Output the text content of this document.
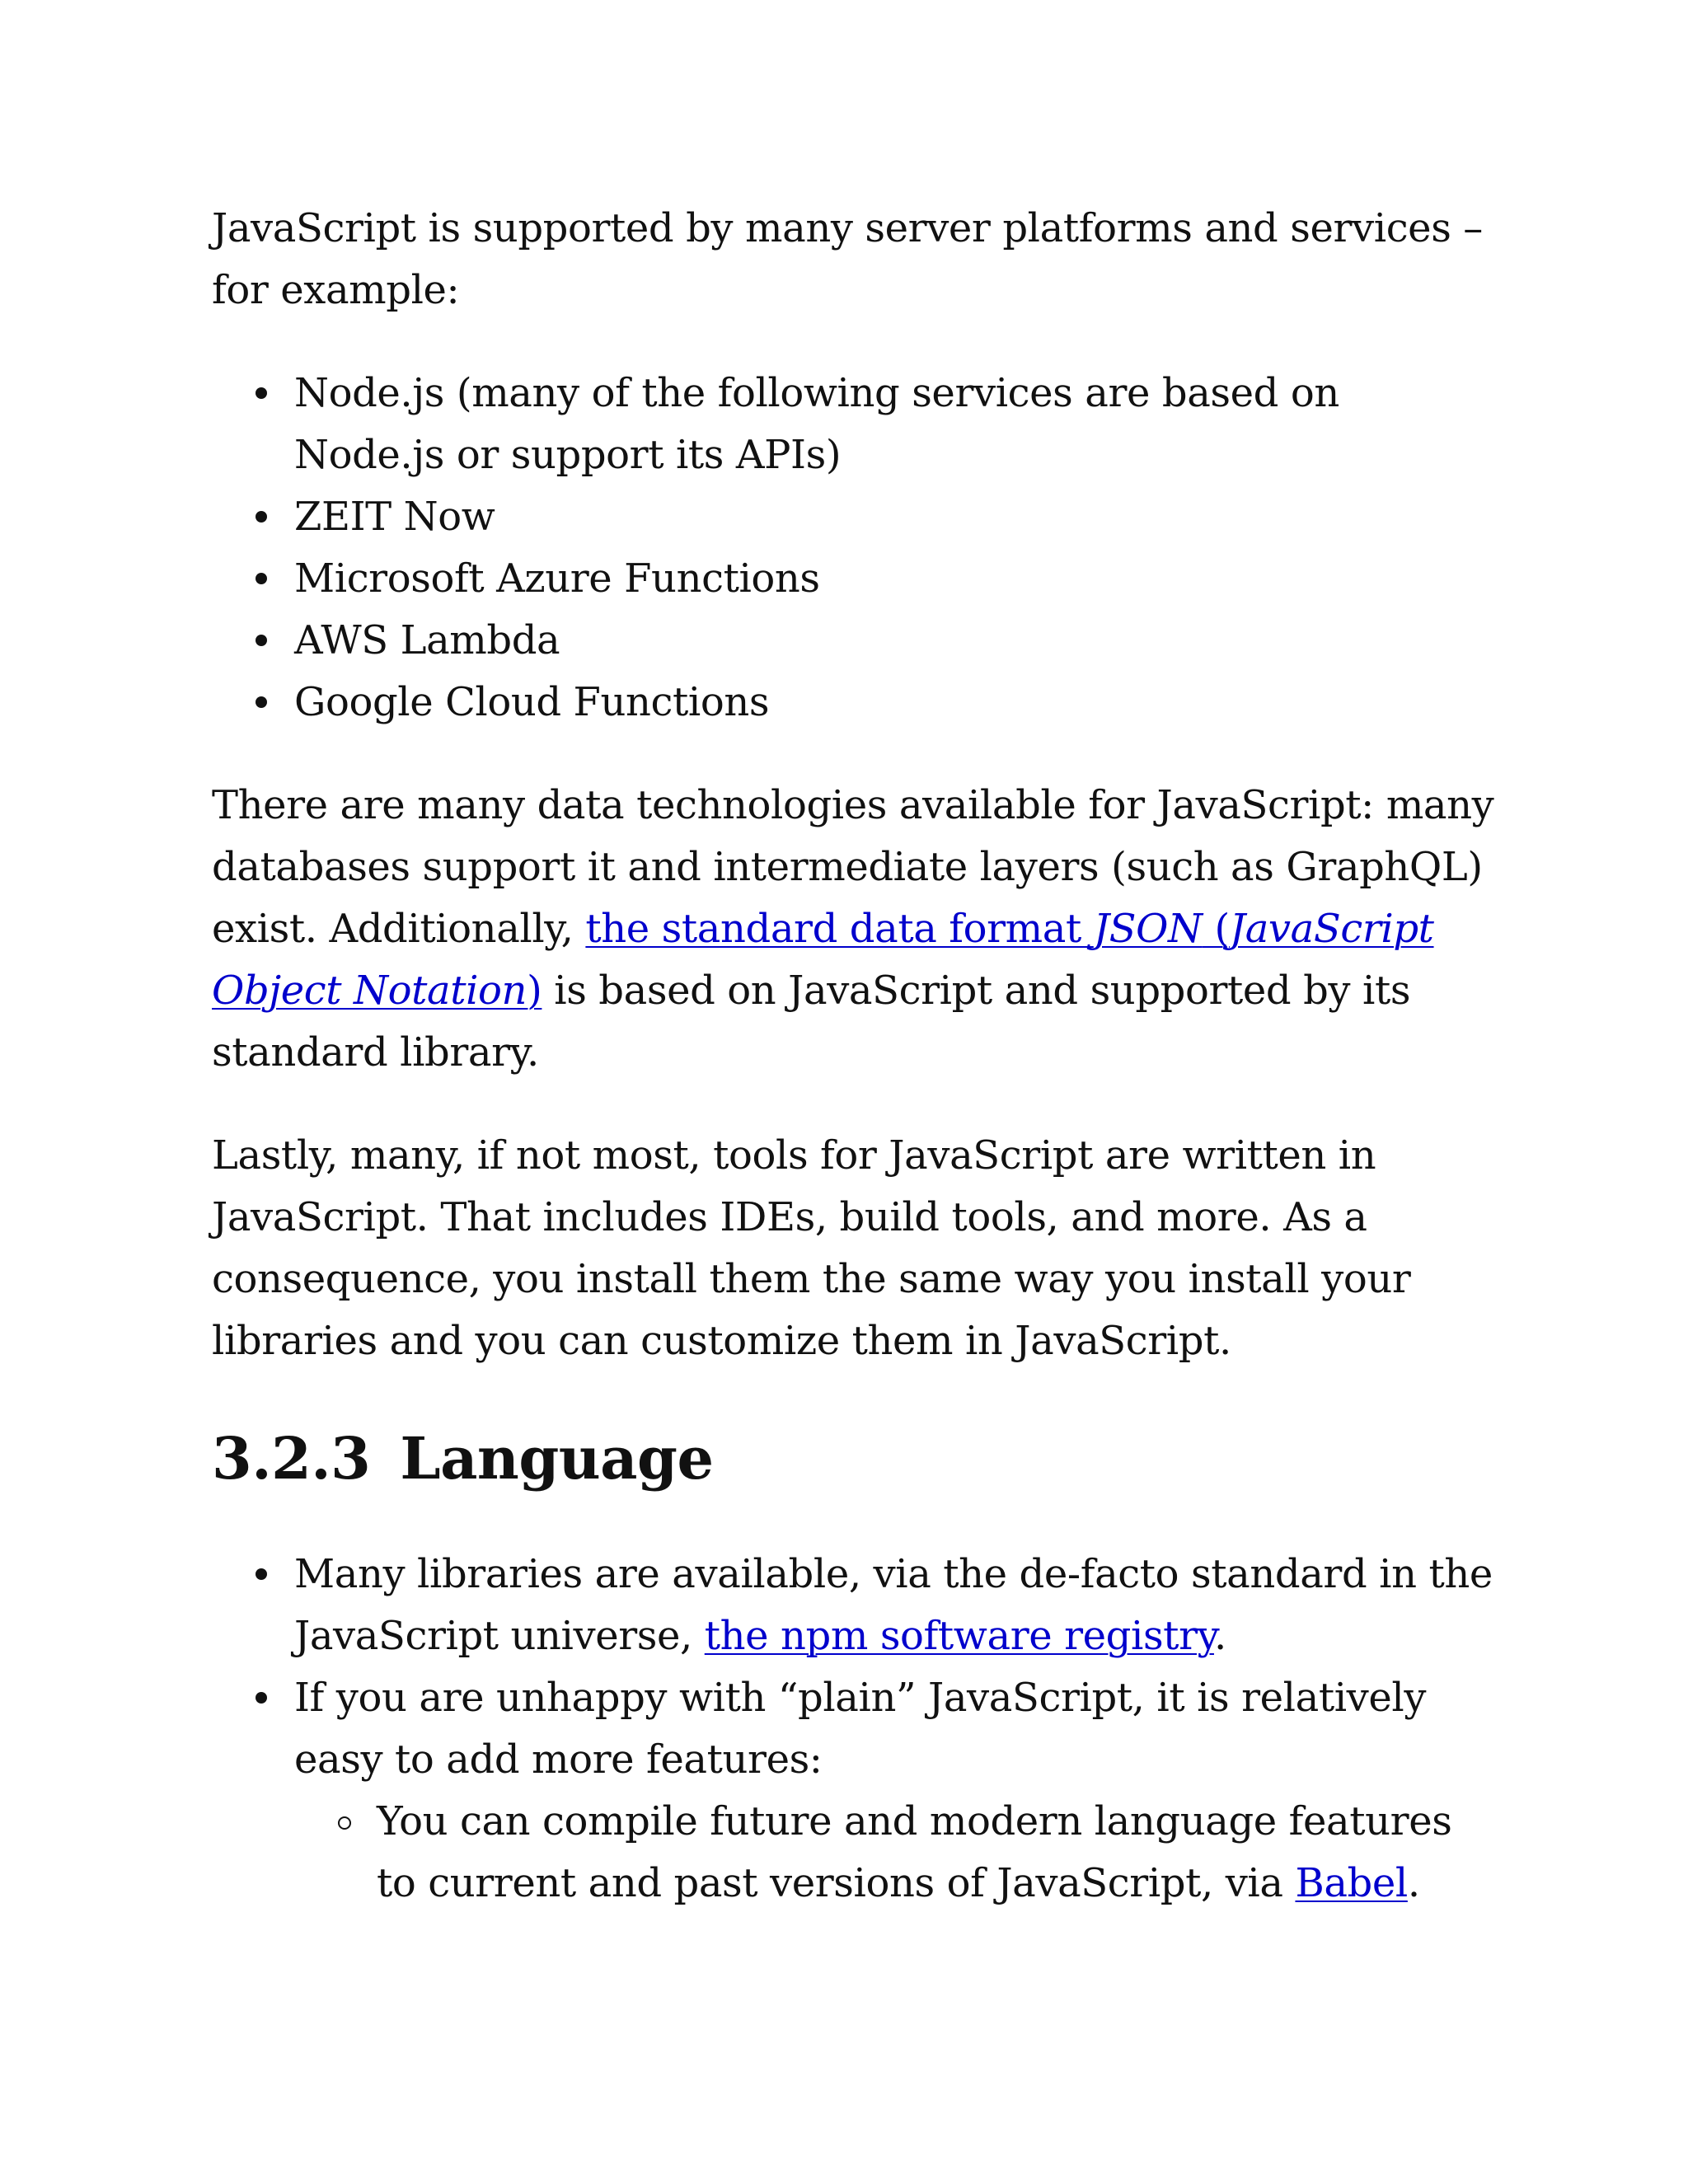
JavaScript is supported by many server platforms and services – for example:

Node.js (many of the following services are based on Node.js or support its APIs)
ZEIT Now
Microsoft Azure Functions
AWS Lambda
Google Cloud Functions

There are many data technologies available for JavaScript: many databases support it and intermediate layers (such as GraphQL) exist. Additionally, the standard data format JSON (JavaScript Object Notation) is based on JavaScript and supported by its standard library.

Lastly, many, if not most, tools for JavaScript are written in JavaScript. That includes IDEs, build tools, and more. As a consequence, you install them the same way you install your libraries and you can customize them in JavaScript.

3.2.3 Language
Many libraries are available, via the de-facto standard in the JavaScript universe, the npm software registry.
If you are unhappy with “plain” JavaScript, it is relatively easy to add more features:
You can compile future and modern language features to current and past versions of JavaScript, via Babel.
